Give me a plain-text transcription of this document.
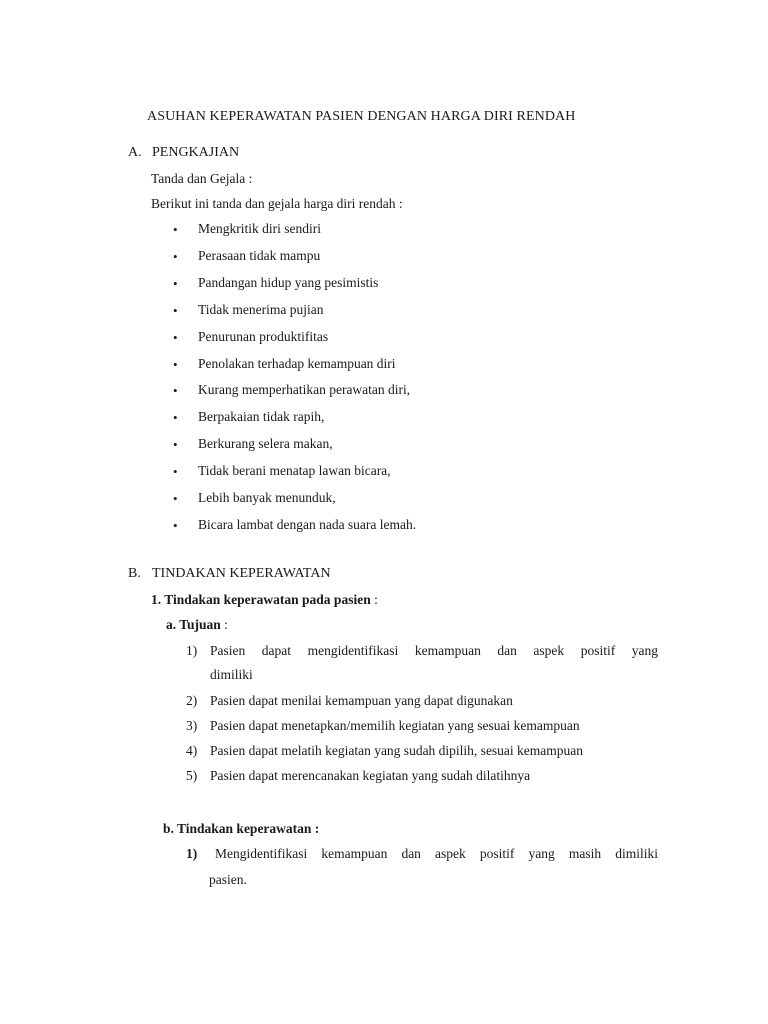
ASUHAN KEPERAWATAN PASIEN DENGAN HARGA DIRI RENDAH
A. PENGKAJIAN
Tanda dan Gejala :
Berikut ini tanda dan gejala harga diri rendah :
• Mengkritik diri sendiri
• Perasaan tidak mampu
• Pandangan hidup yang pesimistis
• Tidak menerima pujian
• Penurunan produktifitas
• Penolakan terhadap kemampuan diri
• Kurang memperhatikan perawatan diri,
• Berpakaian tidak rapih,
• Berkurang selera makan,
• Tidak berani menatap lawan bicara,
• Lebih banyak menunduk,
• Bicara lambat dengan nada suara lemah.
B. TINDAKAN KEPERAWATAN
1. Tindakan keperawatan pada pasien :
a. Tujuan :
1) Pasien dapat mengidentifikasi kemampuan dan aspek positif yang
dimiliki
2) Pasien dapat menilai kemampuan yang dapat digunakan
3) Pasien dapat menetapkan/memilih kegiatan yang sesuai kemampuan
4) Pasien dapat melatih kegiatan yang sudah dipilih, sesuai kemampuan
5) Pasien dapat merencanakan kegiatan yang sudah dilatihnya
b. Tindakan keperawatan :
1) Mengidentifikasi kemampuan dan aspek positif yang masih dimiliki
pasien.
